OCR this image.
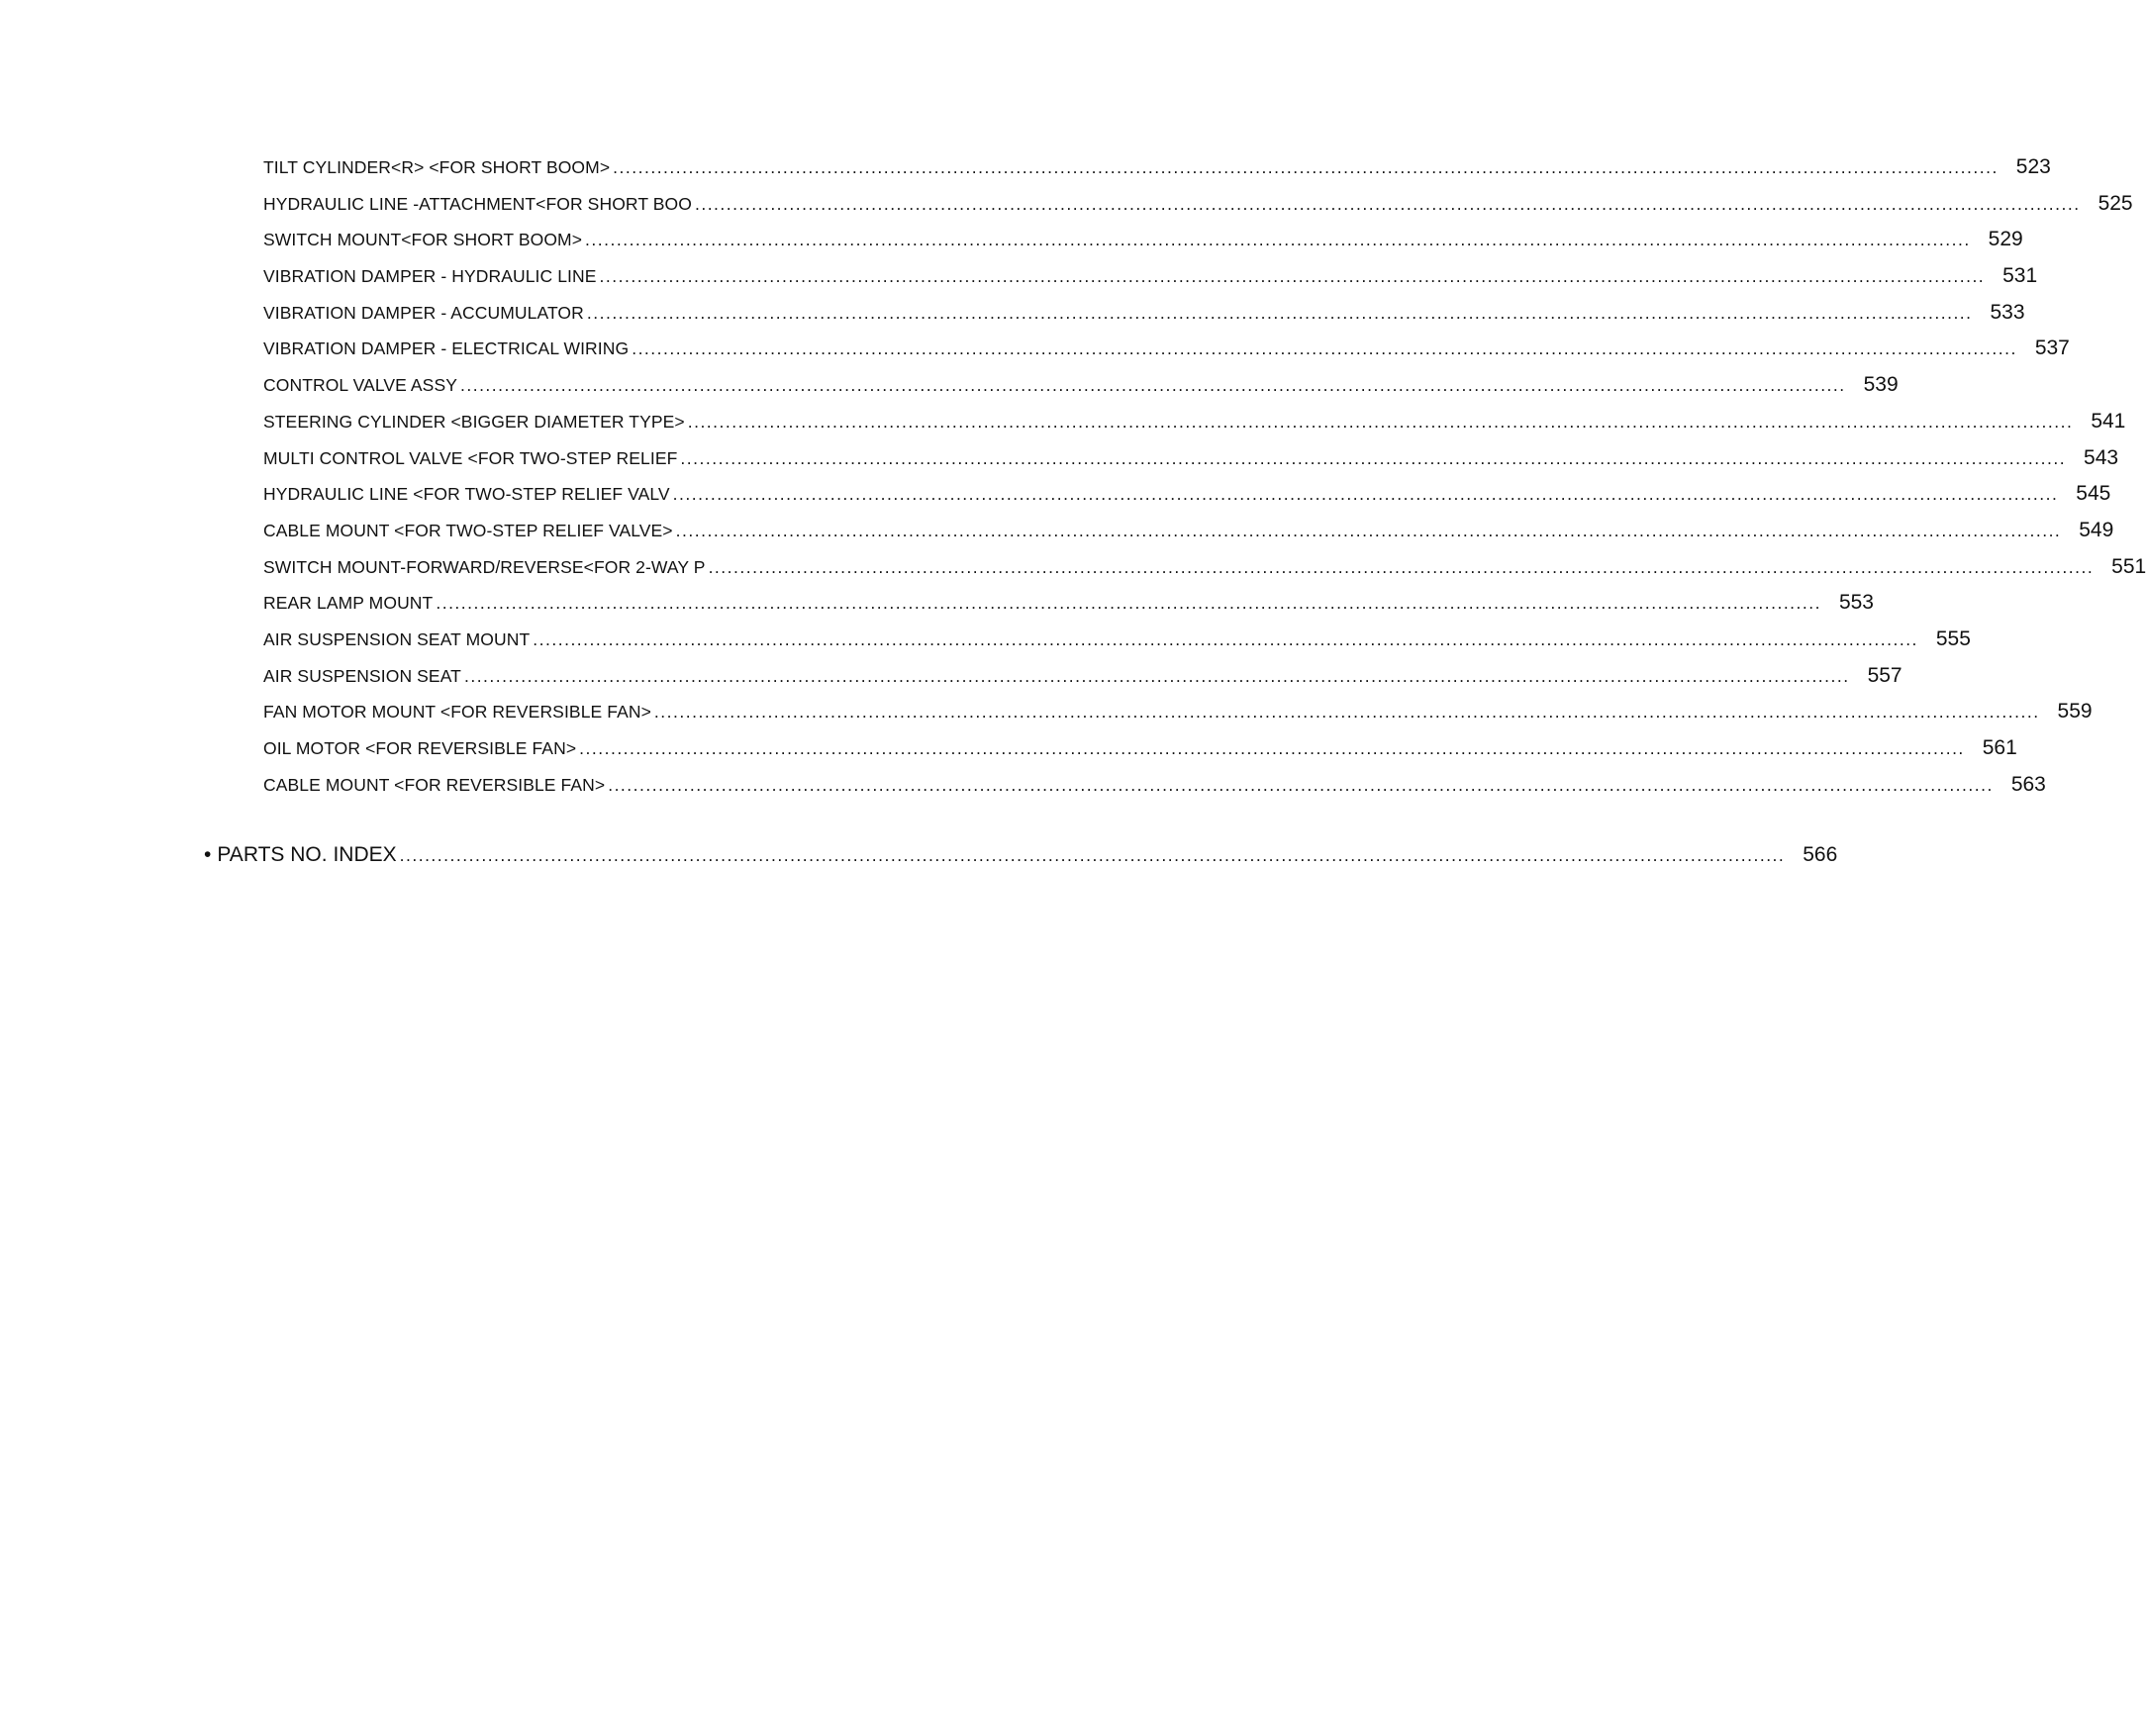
TILT CYLINDER<R> <FOR SHORT BOOM> ............................................................................................................................................................................................................................ 523
HYDRAULIC LINE -ATTACHMENT<FOR SHORT BOO ............................................................................................................................................................................................................................ 525
SWITCH MOUNT<FOR SHORT BOOM> ............................................................................................................................................................................................................................ 529
VIBRATION DAMPER - HYDRAULIC LINE ............................................................................................................................................................................................................................ 531
VIBRATION DAMPER - ACCUMULATOR ............................................................................................................................................................................................................................ 533
VIBRATION DAMPER - ELECTRICAL WIRING ............................................................................................................................................................................................................................ 537
CONTROL VALVE ASSY ............................................................................................................................................................................................................................ 539
STEERING CYLINDER <BIGGER DIAMETER TYPE> ............................................................................................................................................................................................................................ 541
MULTI CONTROL VALVE <FOR TWO-STEP RELIEF ............................................................................................................................................................................................................................ 543
HYDRAULIC LINE <FOR TWO-STEP RELIEF VALV ............................................................................................................................................................................................................................ 545
CABLE MOUNT <FOR TWO-STEP RELIEF VALVE> ............................................................................................................................................................................................................................ 549
SWITCH MOUNT-FORWARD/REVERSE<FOR 2-WAY P ............................................................................................................................................................................................................................ 551
REAR LAMP MOUNT ............................................................................................................................................................................................................................ 553
AIR SUSPENSION SEAT MOUNT ............................................................................................................................................................................................................................ 555
AIR SUSPENSION SEAT ............................................................................................................................................................................................................................ 557
FAN MOTOR MOUNT <FOR REVERSIBLE FAN> ............................................................................................................................................................................................................................ 559
OIL MOTOR <FOR REVERSIBLE FAN> ............................................................................................................................................................................................................................ 561
CABLE MOUNT <FOR REVERSIBLE FAN> ............................................................................................................................................................................................................................ 563
• PARTS NO. INDEX ............................................................................................................................................................................................................................ 566
